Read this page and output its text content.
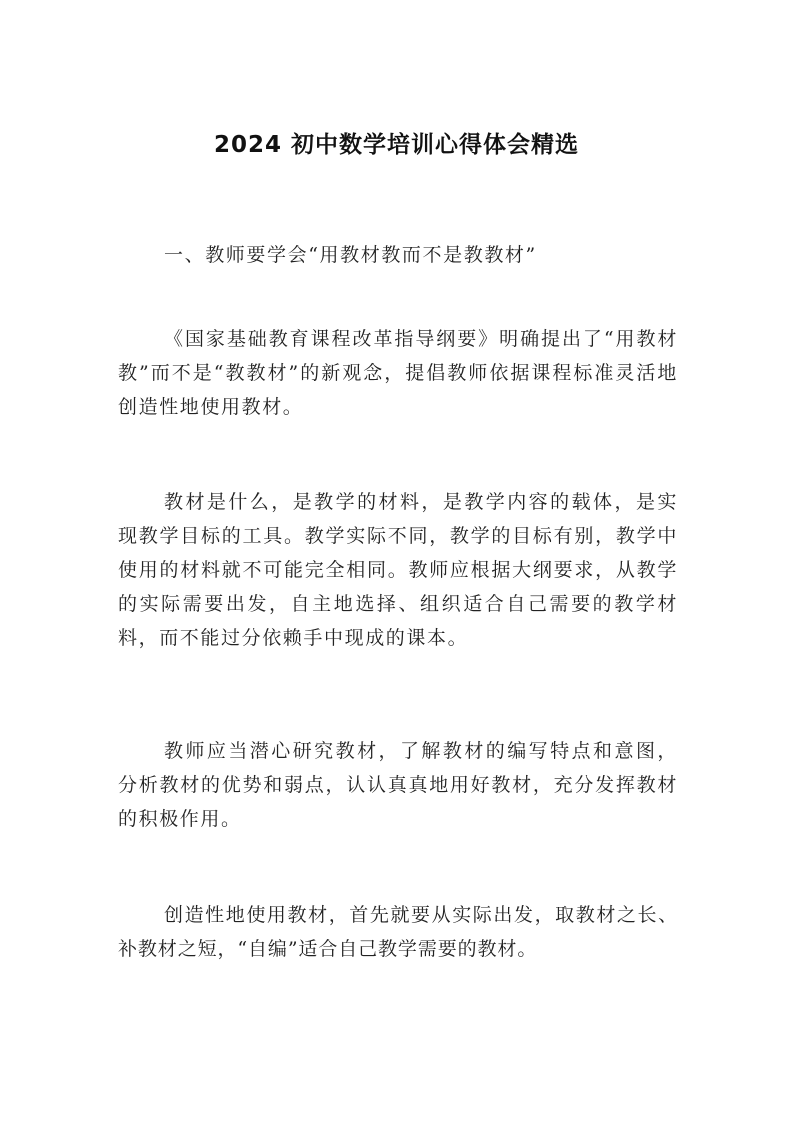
2024 初中数学培训心得体会精选

一、教师要学会“用教材教而不是教教材”

《国家基础教育课程改革指导纲要》明确提出了“用教材教”而不是“教教材”的新观念，提倡教师依据课程标准灵活地创造性地使用教材。

教材是什么，是教学的材料，是教学内容的载体，是实现教学目标的工具。教学实际不同，教学的目标有别，教学中使用的材料就不可能完全相同。教师应根据大纲要求，从教学的实际需要出发，自主地选择、组织适合自己需要的教学材料，而不能过分依赖手中现成的课本。

教师应当潜心研究教材，了解教材的编写特点和意图，分析教材的优势和弱点，认认真真地用好教材，充分发挥教材的积极作用。

创造性地使用教材，首先就要从实际出发，取教材之长、补教材之短，“自编”适合自己教学需要的教材。
